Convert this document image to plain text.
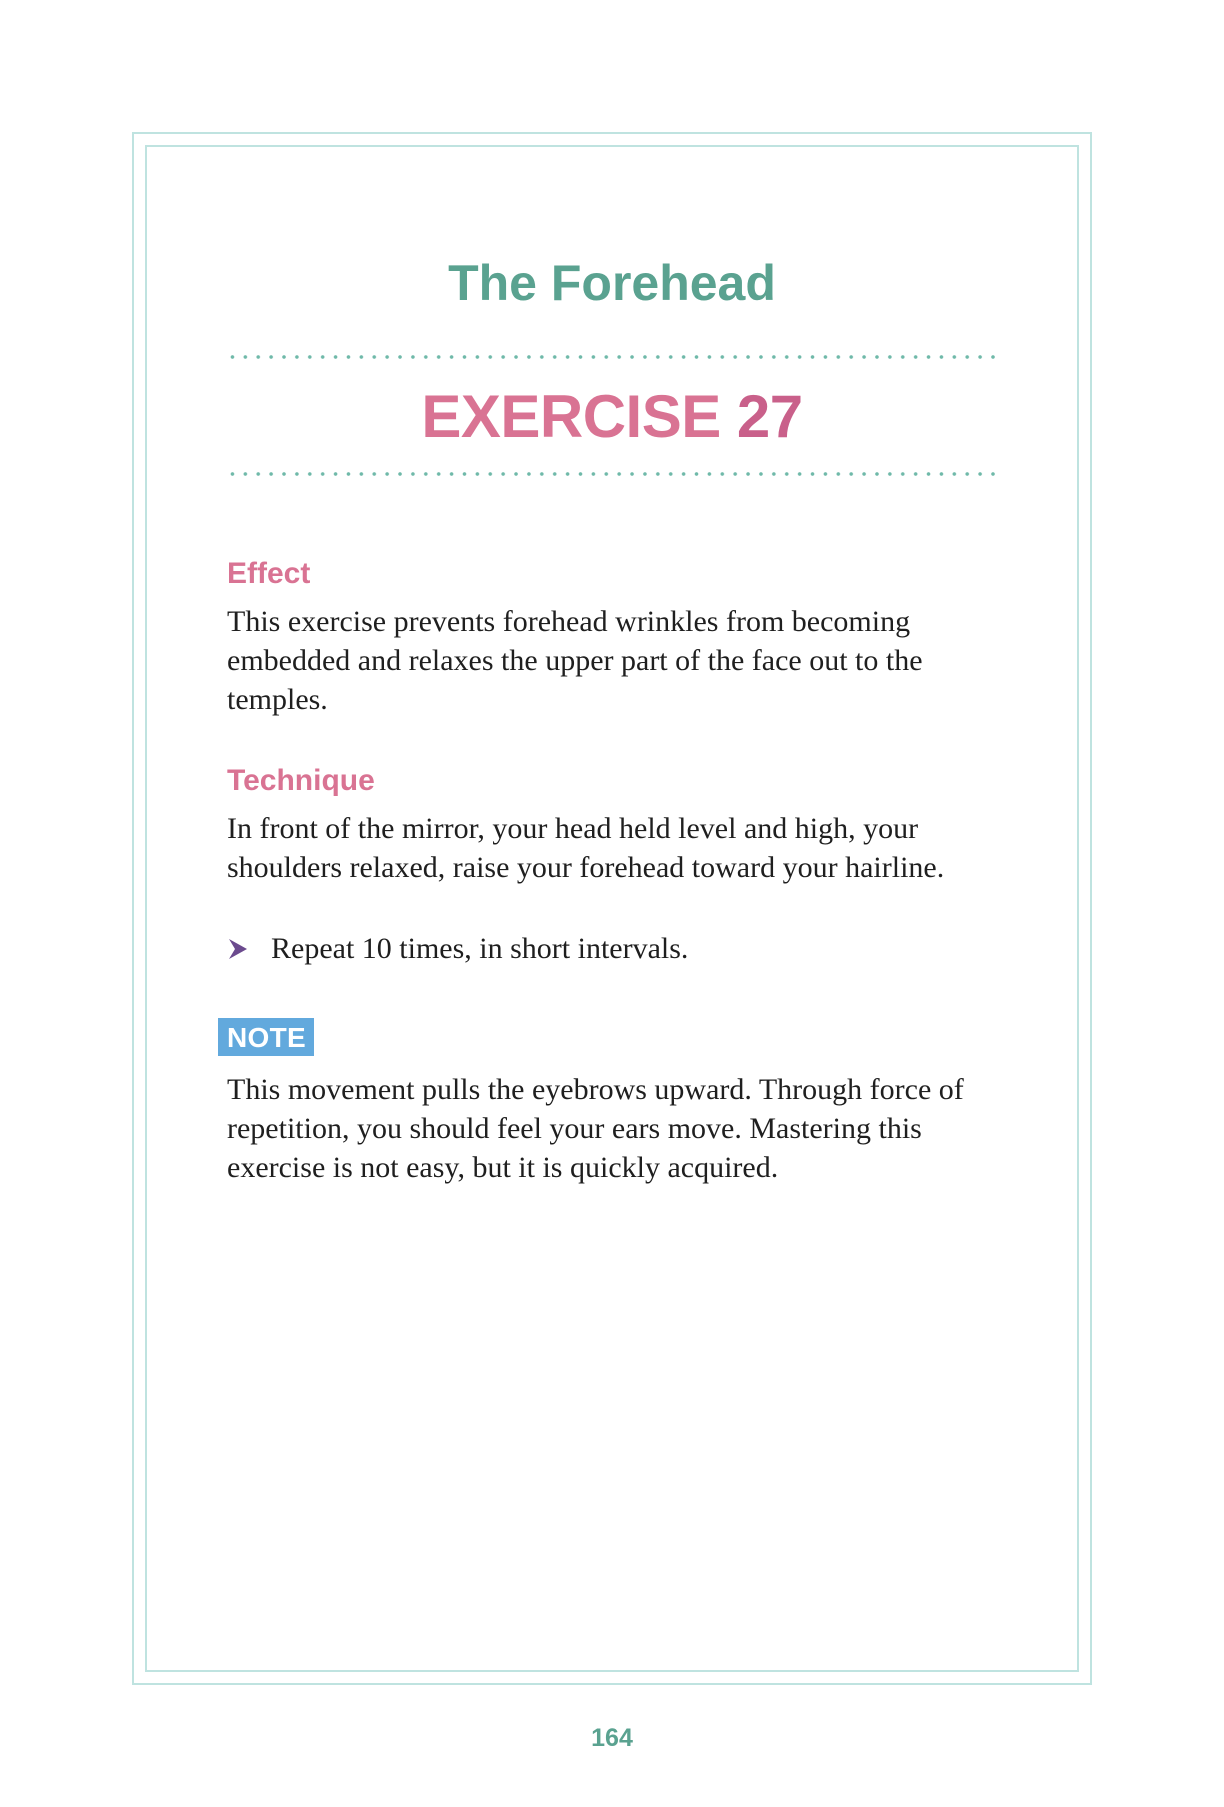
The Forehead
EXERCISE 27
Effect

This exercise prevents forehead wrinkles from becoming embedded and relaxes the upper part of the face out to the temples.

Technique

In front of the mirror, your head held level and high, your shoulders relaxed, raise your forehead toward your hairline.

Repeat 10 times, in short intervals.
NOTE

This movement pulls the eyebrows upward. Through force of repetition, you should feel your ears move. Mastering this exercise is not easy, but it is quickly acquired.

164
